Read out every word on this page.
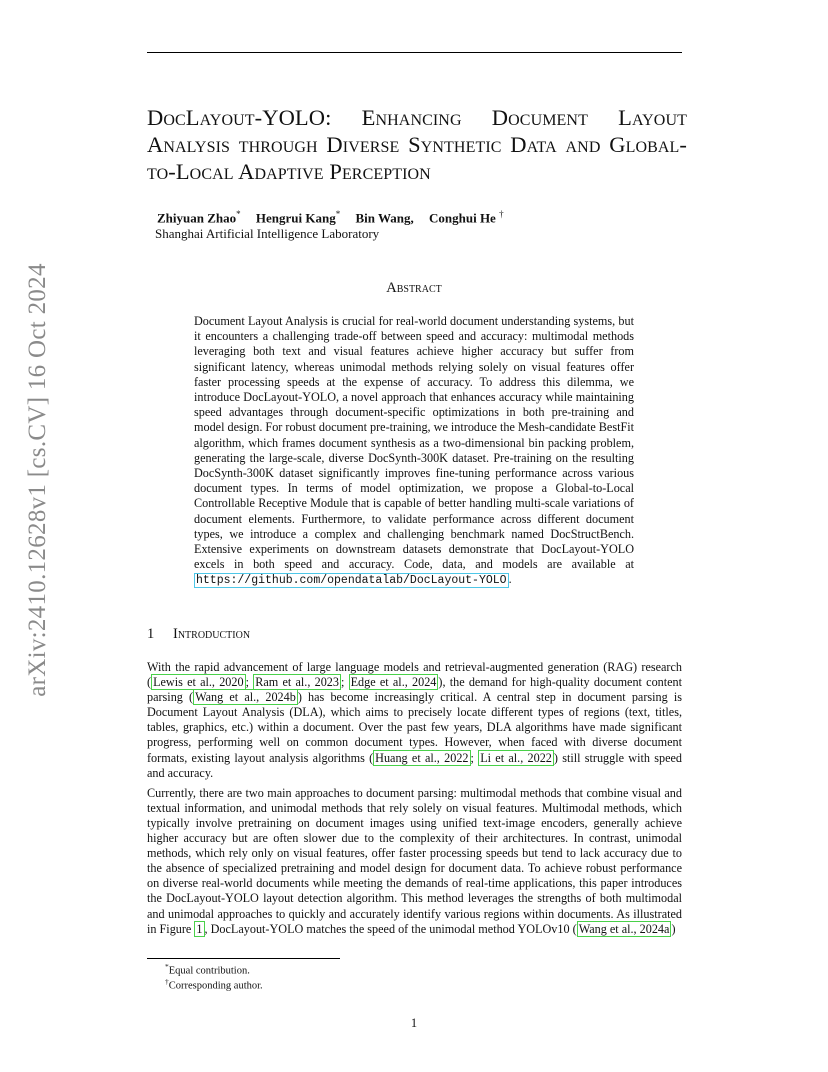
arXiv:2410.12628v1 [cs.CV] 16 Oct 2024
DocLayout-YOLO: Enhancing Document Layout Analysis through Diverse Synthetic Data and Global-to-Local Adaptive Perception
Zhiyuan Zhao* Hengrui Kang* Bin Wang, Conghui He †
Shanghai Artificial Intelligence Laboratory
Abstract

Document Layout Analysis is crucial for real-world document understanding systems, but it encounters a challenging trade-off between speed and accuracy: multimodal methods leveraging both text and visual features achieve higher accuracy but suffer from significant latency, whereas unimodal methods relying solely on visual features offer faster processing speeds at the expense of accuracy. To address this dilemma, we introduce DocLayout-YOLO, a novel approach that enhances accuracy while maintaining speed advantages through document-specific optimizations in both pre-training and model design. For robust document pre-training, we introduce the Mesh-candidate BestFit algorithm, which frames document synthesis as a two-dimensional bin packing problem, generating the large-scale, diverse DocSynth-300K dataset. Pre-training on the resulting DocSynth-300K dataset significantly improves fine-tuning performance across various document types. In terms of model optimization, we propose a Global-to-Local Controllable Receptive Module that is capable of better handling multi-scale variations of document elements. Furthermore, to validate performance across different document types, we introduce a complex and challenging benchmark named DocStructBench. Extensive experiments on downstream datasets demonstrate that DocLayout-YOLO excels in both speed and accuracy. Code, data, and models are available at https://github.com/opendatalab/DocLayout-YOLO .

1 Introduction

With the rapid advancement of large language models and retrieval-augmented generation (RAG) research ( Lewis et al., 2020 ; Ram et al., 2023 ; Edge et al., 2024 ), the demand for high-quality document content parsing ( Wang et al., 2024b ) has become increasingly critical. A central step in document parsing is Document Layout Analysis (DLA), which aims to precisely locate different types of regions (text, titles, tables, graphics, etc.) within a document. Over the past few years, DLA algorithms have made significant progress, performing well on common document types. However, when faced with diverse document formats, existing layout analysis algorithms ( Huang et al., 2022 ; Li et al., 2022 ) still struggle with speed and accuracy.

Currently, there are two main approaches to document parsing: multimodal methods that combine visual and textual information, and unimodal methods that rely solely on visual features. Multimodal methods, which typically involve pretraining on document images using unified text-image encoders, generally achieve higher accuracy but are often slower due to the complexity of their architectures. In contrast, unimodal methods, which rely only on visual features, offer faster processing speeds but tend to lack accuracy due to the absence of specialized pretraining and model design for document data. To achieve robust performance on diverse real-world documents while meeting the demands of real-time applications, this paper introduces the DocLayout-YOLO layout detection algorithm. This method leverages the strengths of both multimodal and unimodal approaches to quickly and accurately identify various regions within documents. As illustrated in Figure 1 , DocLayout-YOLO matches the speed of the unimodal method YOLOv10 ( Wang et al., 2024a )

*Equal contribution.
†Corresponding author.
1
